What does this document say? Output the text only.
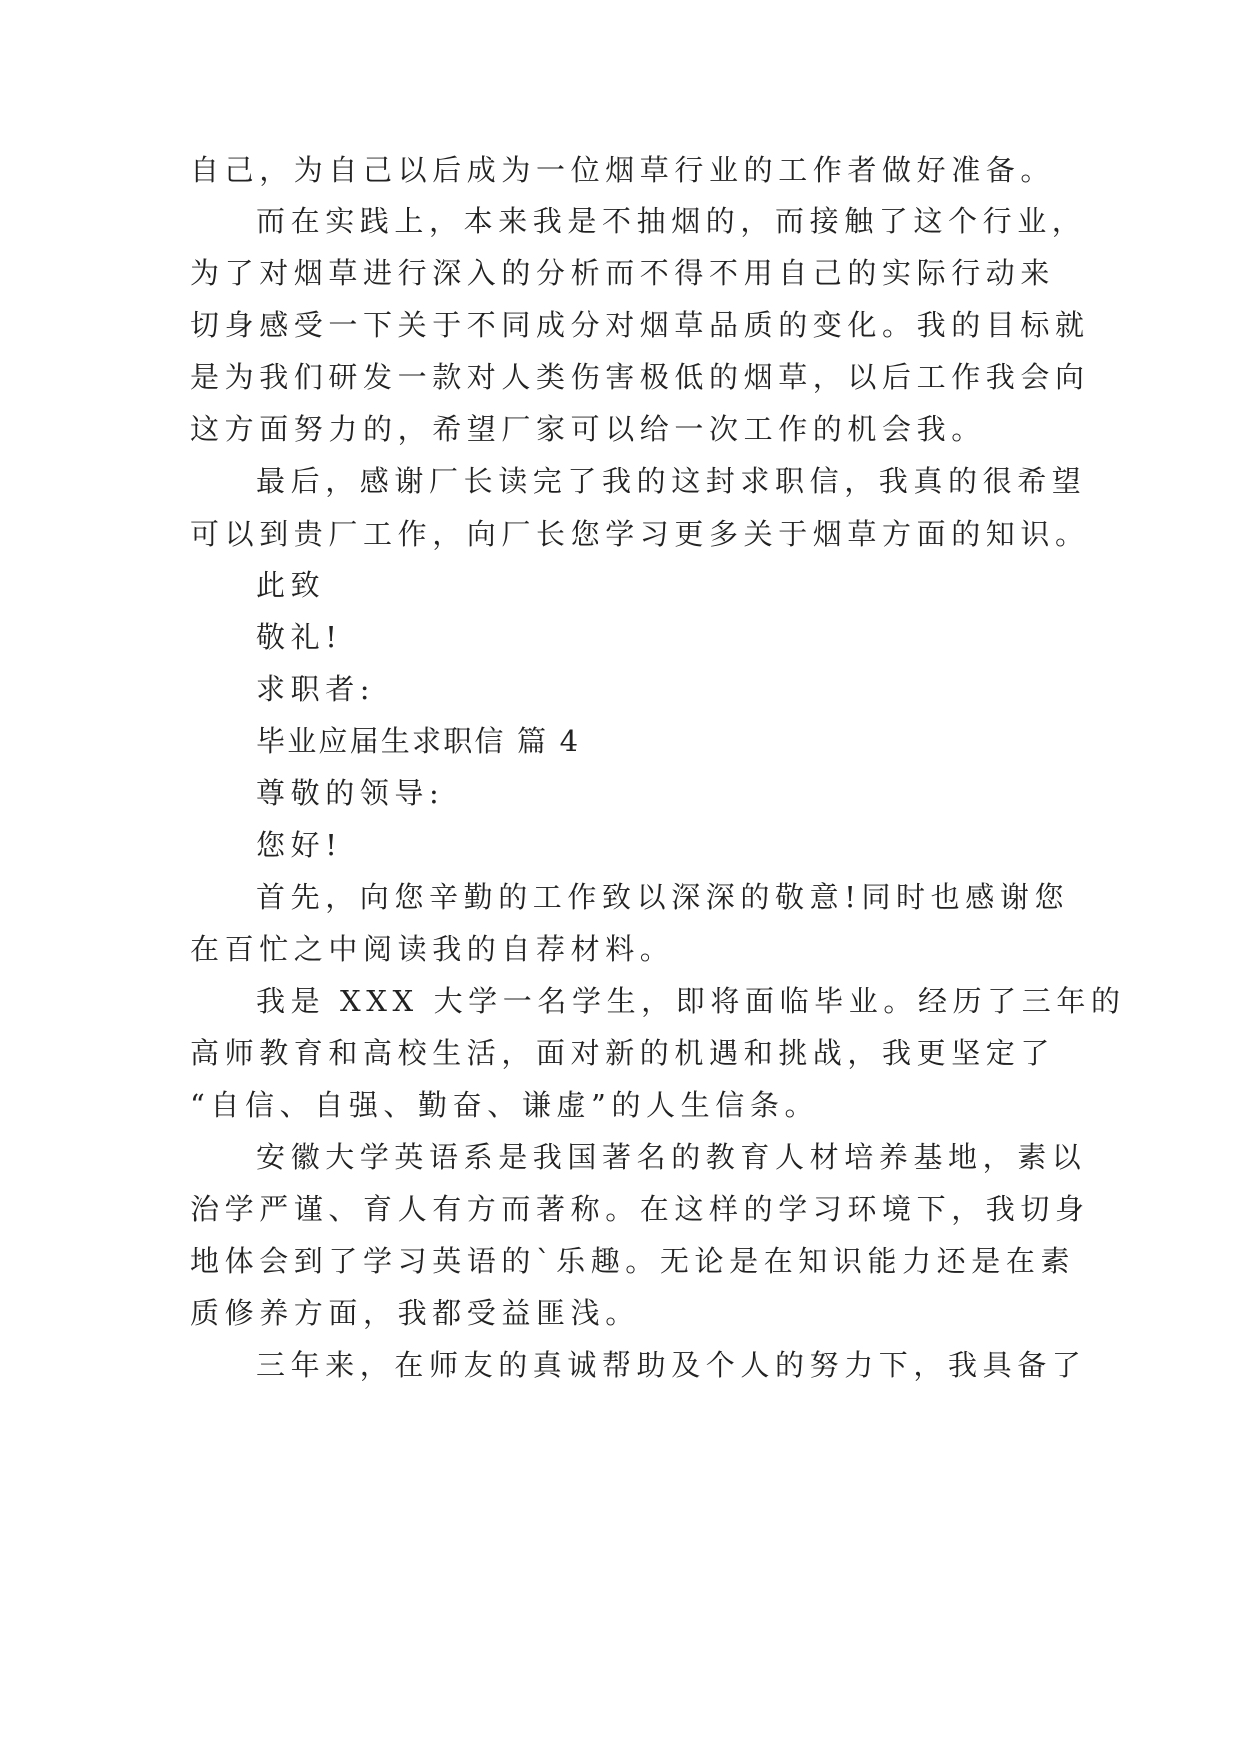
自己，为自己以后成为一位烟草行业的工作者做好准备。

而在实践上，本来我是不抽烟的，而接触了这个行业，

为了对烟草进行深入的分析而不得不用自己的实际行动来

切身感受一下关于不同成分对烟草品质的变化。我的目标就

是为我们研发一款对人类伤害极低的烟草，以后工作我会向

这方面努力的，希望厂家可以给一次工作的机会我。

最后，感谢厂长读完了我的这封求职信，我真的很希望

可以到贵厂工作，向厂长您学习更多关于烟草方面的知识。

此致

敬礼!

求职者:

毕业应届生求职信 篇 4

尊敬的领导:

您好!

首先，向您辛勤的工作致以深深的敬意!同时也感谢您

在百忙之中阅读我的自荐材料。

我是 XXX 大学一名学生，即将面临毕业。经历了三年的

高师教育和高校生活，面对新的机遇和挑战，我更坚定了

“自信、自强、勤奋、谦虚”的人生信条。

安徽大学英语系是我国著名的教育人材培养基地，素以

治学严谨、育人有方而著称。在这样的学习环境下，我切身

地体会到了学习英语的`乐趣。无论是在知识能力还是在素

质修养方面，我都受益匪浅。

三年来，在师友的真诚帮助及个人的努力下，我具备了
